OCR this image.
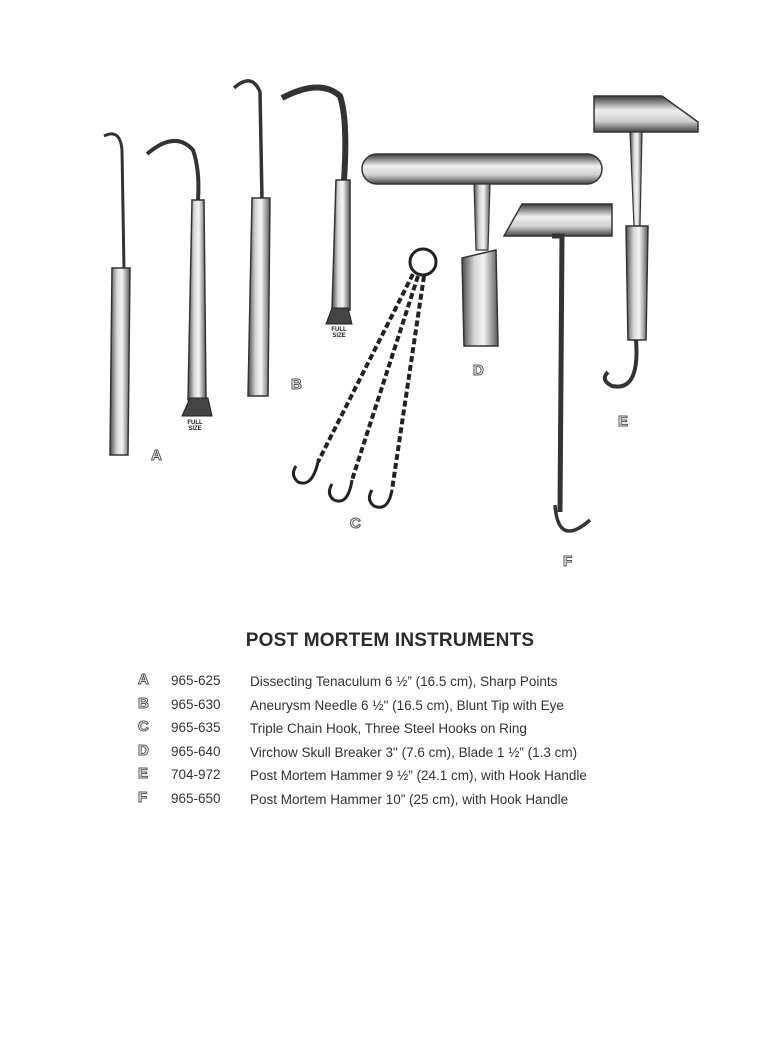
A
B
C
D
E
F
FULL
SIZE
FULL
SIZE
POST MORTEM INSTRUMENTS
A 965-625 Dissecting Tenaculum 6 ½” (16.5 cm), Sharp Points
B 965-630 Aneurysm Needle 6 ½" (16.5 cm), Blunt Tip with Eye
C 965-635 Triple Chain Hook, Three Steel Hooks on Ring
D 965-640 Virchow Skull Breaker 3" (7.6 cm), Blade 1 ½” (1.3 cm)
E 704-972 Post Mortem Hammer 9 ½” (24.1 cm), with Hook Handle
F 965-650 Post Mortem Hammer 10” (25 cm), with Hook Handle
